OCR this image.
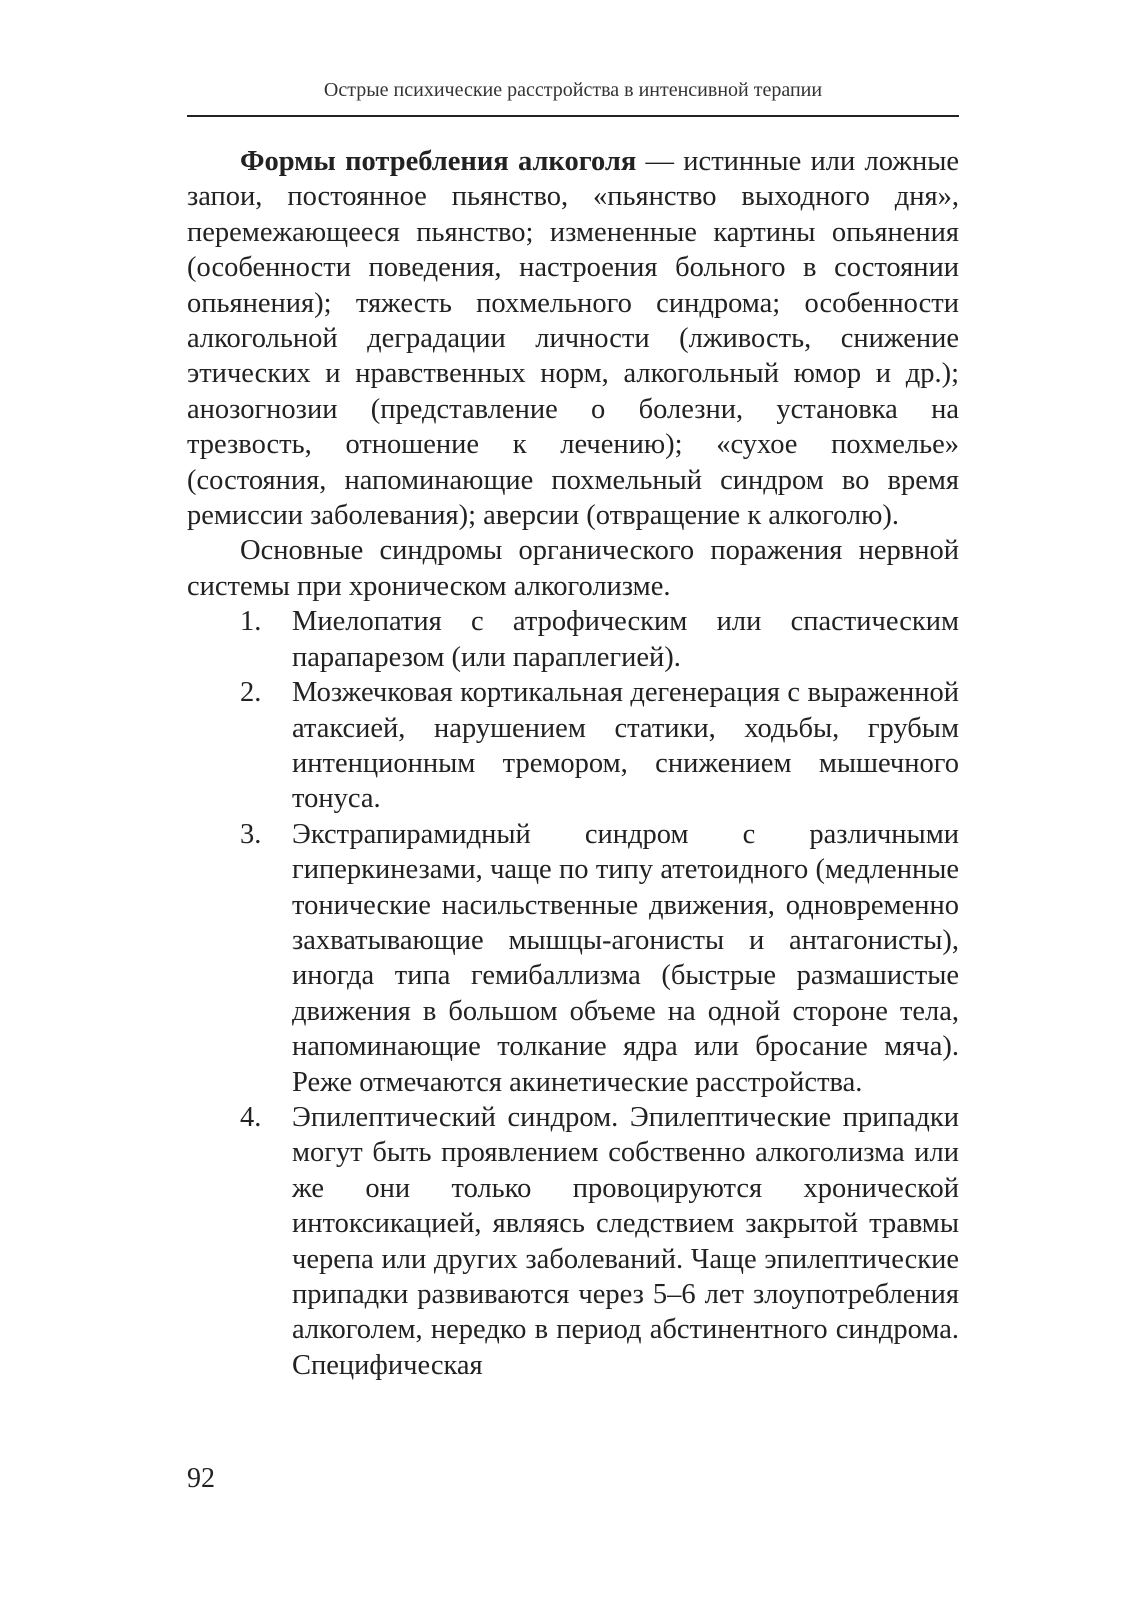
Острые психические расстройства в интенсивной терапии

Формы потребления алкоголя — истинные или ложные запои, постоянное пьянство, «пьянство выходного дня», перемежающееся пьянство; измененные картины опьянения (особенности поведения, настроения больного в состоянии опьянения); тяжесть похмельного синдрома; особенности алкогольной деградации личности (лживость, снижение этических и нравственных норм, алкогольный юмор и др.); анозогнозии (представление о болезни, установка на трезвость, отношение к лечению); «сухое похмелье» (состояния, напоминающие похмельный синдром во время ремиссии заболевания); аверсии (отвращение к алкоголю).

Основные синдромы органического поражения нервной системы при хроническом алкоголизме.

1.	Миелопатия с атрофическим или спастическим парапарезом (или параплегией).
2.	Мозжечковая кортикальная дегенерация с выраженной атаксией, нарушением статики, ходьбы, грубым интенционным тремором, снижением мышечного тонуса.
3.	Экстрапирамидный синдром с различными гиперкинезами, чаще по типу атетоидного (медленные тонические насильственные движения, одновременно захватывающие мышцы-агонисты и антагонисты), иногда типа гемибаллизма (быстрые размашистые движения в большом объеме на одной стороне тела, напоминающие толкание ядра или бросание мяча). Реже отмечаются акинетические расстройства.
4.	Эпилептический синдром. Эпилептические припадки могут быть проявлением собственно алкоголизма или же они только провоцируются хронической интоксикацией, являясь следствием закрытой травмы черепа или других заболеваний. Чаще эпилептические припадки развиваются через 5–6 лет злоупотребления алкоголем, нередко в период абстинентного синдрома. Специфическая
92
